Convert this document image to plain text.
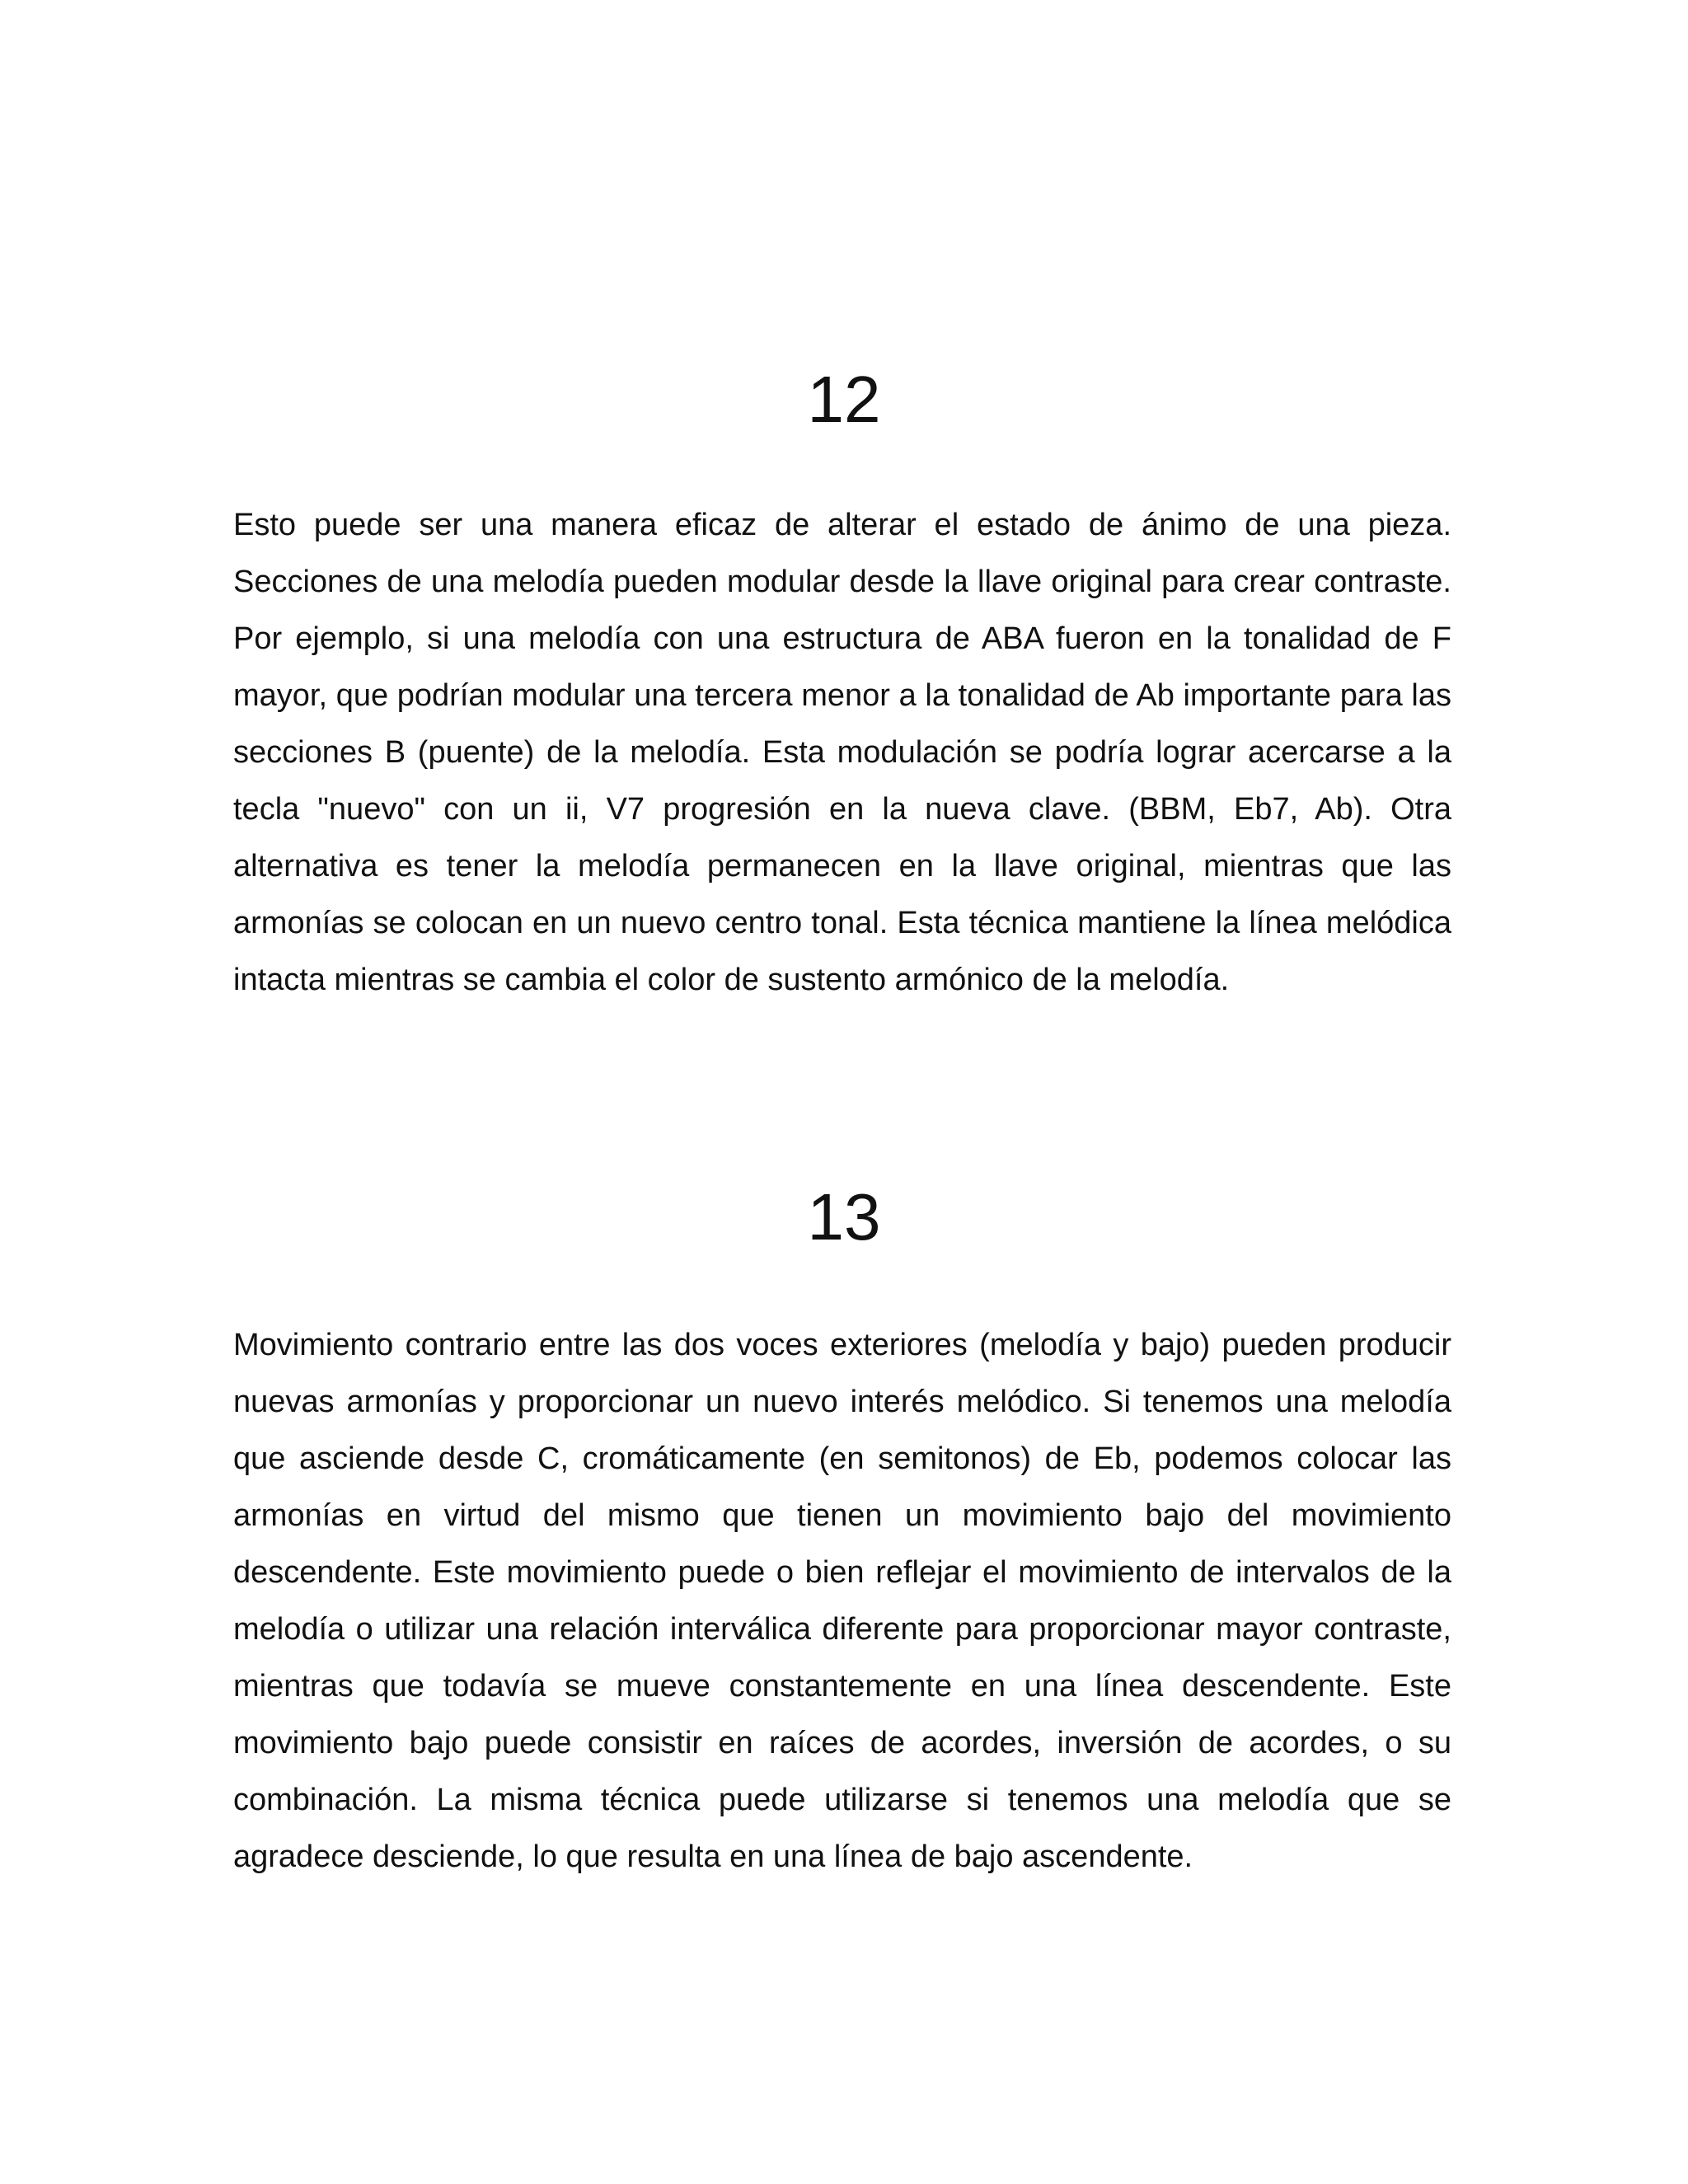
12

Esto puede ser una manera eficaz de alterar el estado de ánimo de una pieza. Secciones de una melodía pueden modular desde la llave original para crear contraste. Por ejemplo, si una melodía con una estructura de ABA fueron en la tonalidad de F mayor, que podrían modular una tercera menor a la tonalidad de Ab importante para las secciones B (puente) de la melodía. Esta modulación se podría lograr acercarse a la tecla "nuevo" con un ii, V7 progresión en la nueva clave. (BBM, Eb7, Ab). Otra alternativa es tener la melodía permanecen en la llave original, mientras que las armonías se colocan en un nuevo centro tonal. Esta técnica mantiene la línea melódica intacta mientras se cambia el color de sustento armónico de la melodía.

13

Movimiento contrario entre las dos voces exteriores (melodía y bajo) pueden producir nuevas armonías y proporcionar un nuevo interés melódico. Si tenemos una melodía que asciende desde C, cromáticamente (en semitonos) de Eb, podemos colocar las armonías en virtud del mismo que tienen un movimiento bajo del movimiento descendente. Este movimiento puede o bien reflejar el movimiento de intervalos de la melodía o utilizar una relación interválica diferente para proporcionar mayor contraste, mientras que todavía se mueve constantemente en una línea descendente. Este movimiento bajo puede consistir en raíces de acordes, inversión de acordes, o su combinación. La misma técnica puede utilizarse si tenemos una melodía que se agradece desciende, lo que resulta en una línea de bajo ascendente.
